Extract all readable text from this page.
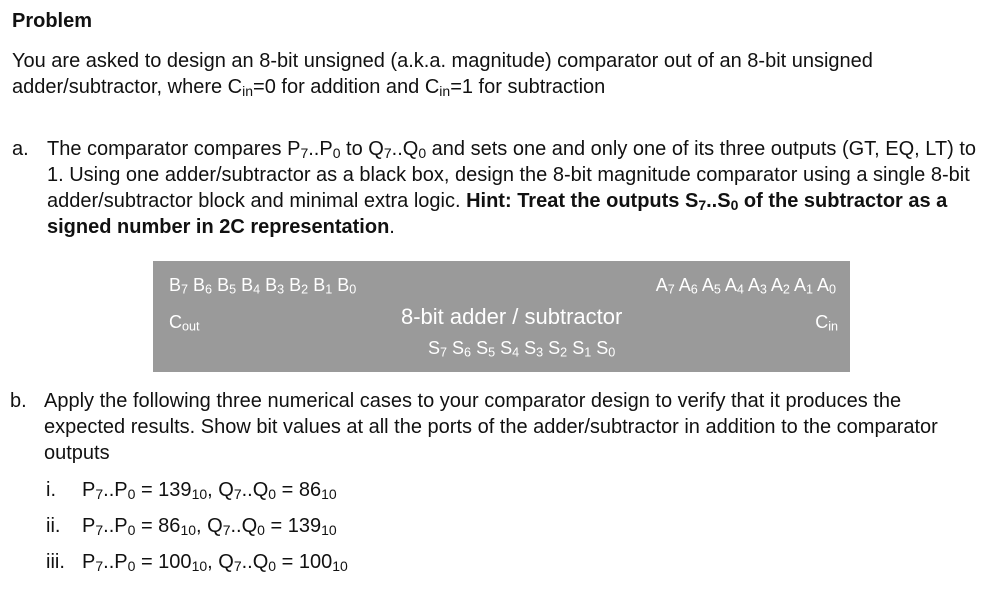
Problem
You are asked to design an 8-bit unsigned (a.k.a. magnitude) comparator out of an 8-bit unsigned adder/subtractor, where $C_{in}=0$ for addition and $C_{in}=1$ for subtraction
a. The comparator compares $P_7..P_0$ to $Q_7..Q_0$ and sets one and only one of its three outputs (GT, EQ, LT) to 1. Using one adder/subtractor as a black box, design the 8-bit magnitude comparator using a single 8-bit adder/subtractor block and minimal extra logic. Hint: Treat the outputs $S_7..S_0$ of the subtractor as a signed number in 2C representation.
$B_7$ $B_6$ $B_5$ $B_4$ $B_3$ $B_2$ $B_1$ $B_0$	$A_7$ $A_6$ $A_5$ $A_4$ $A_3$ $A_2$ $A_1$ $A_0$
$C_{out}$	8-bit adder / subtractor	$C_{in}$
$S_7$ $S_6$ $S_5$ $S_4$ $S_3$ $S_2$ $S_1$ $S_0$
b. Apply the following three numerical cases to your comparator design to verify that it produces the expected results. Show bit values at all the ports of the adder/subtractor in addition to the comparator outputs
i. $P_7..P_0 = 139_{10}$, $Q_7..Q_0 = 86_{10}$
ii. $P_7..P_0 = 86_{10}$, $Q_7..Q_0 = 139_{10}$
iii. $P_7..P_0 = 100_{10}$, $Q_7..Q_0 = 100_{10}$
